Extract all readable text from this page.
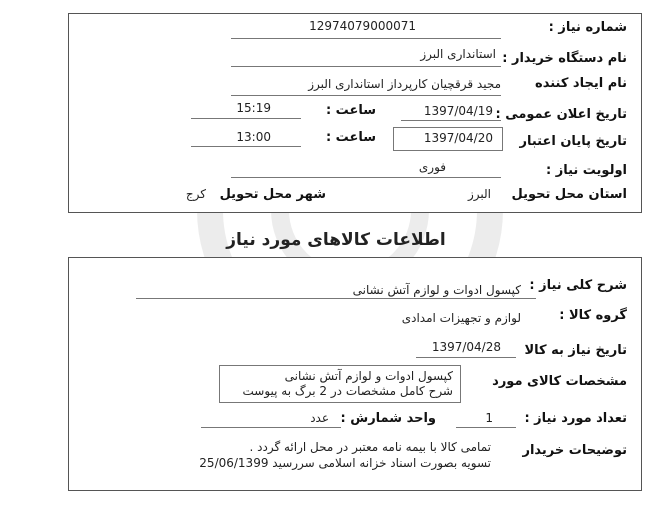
شماره نیاز :
12974079000071
نام دستگاه خریدار :
استانداری البرز
نام ایجاد کننده
مجید قرقچیان کارپرداز استانداری البرز
تاریخ اعلان عمومی :
1397/04/19
ساعت :
15:19
تاریخ پایان اعتبار
1397/04/20
ساعت :
13:00
اولویت نیاز :
فوری
استان محل تحویل
البرز
شهر محل تحویل
کرج
اطلاعات کالاهای مورد نیاز
شرح کلی نیاز :
کپسول ادوات و لوازم آتش نشانی
گروه کالا :
لوازم و تجهیزات امدادی
تاریخ نیاز به کالا
1397/04/28
مشخصات کالای مورد
کپسول ادوات و لوازم آتش نشانی
شرح کامل مشخصات در 2 برگ به پیوست
تعداد مورد نیاز :
1
واحد شمارش :
عدد
توضیحات خریدار
تمامی کالا با بیمه نامه معتبر در محل ارائه گردد .
تسویه بصورت اسناد خزانه اسلامی سررسید 25/06/1399
